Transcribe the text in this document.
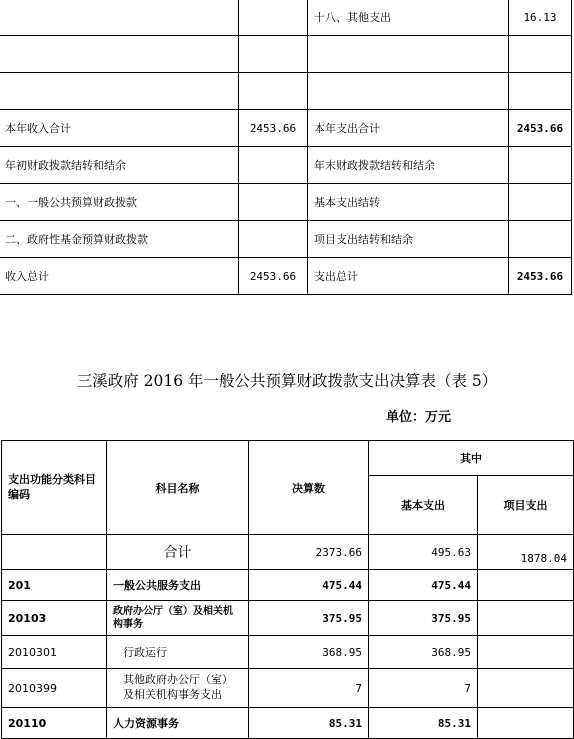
		十八、其他支出	16.13

本年收入合计	2453.66	本年支出合计	2453.66
年初财政拨款结转和结余		年末财政拨款结转和结余	
一、一般公共预算财政拨款		基本支出结转	
二、政府性基金预算财政拨款		项目支出结转和结余	
收入总计	2453.66	支出总计	2453.66
三溪政府 2016 年一般公共预算财政拨款支出决算表（表 5）
单位：万元
支出功能分类科目编码	科目名称	决算数	其中	
			基本支出	项目支出
	合计	2373.66	495.63	1878.04
201	一般公共服务支出	475.44	475.44	
20103	政府办公厅（室）及相关机构事务	375.95	375.95	
2010301	行政运行	368.95	368.95	
2010399	其他政府办公厅（室）及相关机构事务支出	7	7	
20110	人力资源事务	85.31	85.31	
